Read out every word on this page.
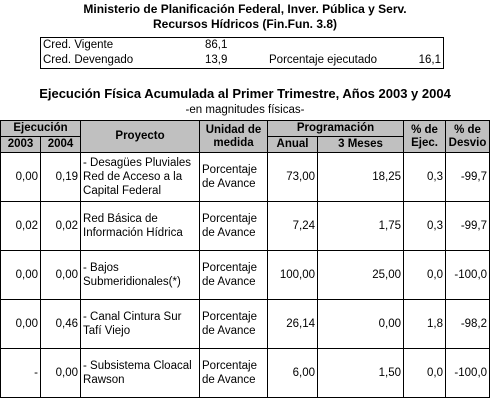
Ministerio de Planificación Federal, Inver. Pública y Serv.
Recursos Hídricos (Fin.Fun. 3.8)
Cred. Vigente	86,1		
Cred. Devengado	13,9	Porcentaje ejecutado	16,1
Ejecución Física Acumulada al Primer Trimestre, Años 2003 y 2004
-en magnitudes físicas-
Ejecución		Proyecto	Unidad de medida	Programación		% de Ejec.	% de Desvio
2003	2004			Anual	3 Meses		
0,00	0,19	- Desagües Pluviales Red de Acceso a la Capital Federal	Porcentaje de Avance	73,00	18,25	0,3	-99,7
0,02	0,02	Red Básica de Información Hídrica	Porcentaje de Avance	7,24	1,75	0,3	-99,7
0,00	0,00	- Bajos Submeridionales(*)	Porcentaje de Avance	100,00	25,00	0,0	-100,0
0,00	0,46	- Canal Cintura Sur Tafí Viejo	Porcentaje de Avance	26,14	0,00	1,8	-98,2
-	0,00	- Subsistema Cloacal Rawson	Porcentaje de Avance	6,00	1,50	0,0	-100,0
